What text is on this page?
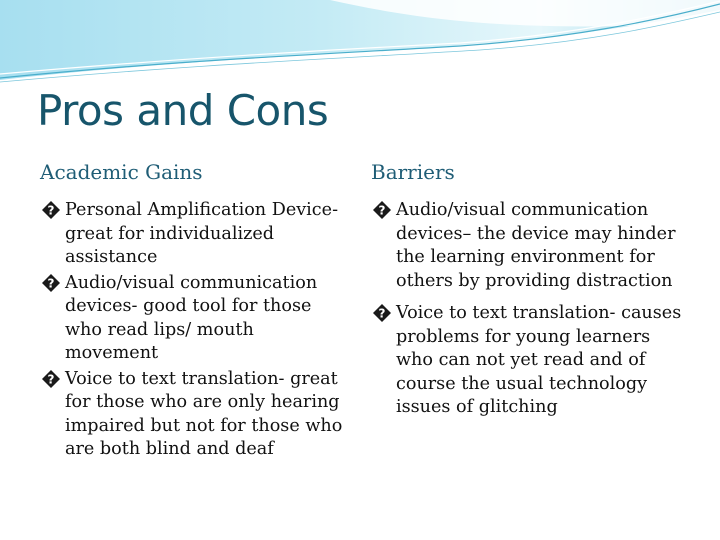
Pros and Cons
Academic Gains	Barriers
? Personal Amplification Device- great for individualized assistance
? Audio/visual communication devices- good tool for those who read lips/ mouth movement
? Voice to text translation- great for those who are only hearing impaired but not for those who are both blind and deaf
? Audio/visual communication devices– the device may hinder the learning environment for others by providing distraction
? Voice to text translation- causes problems for young learners who can not yet read and of course the usual technology issues of glitching
